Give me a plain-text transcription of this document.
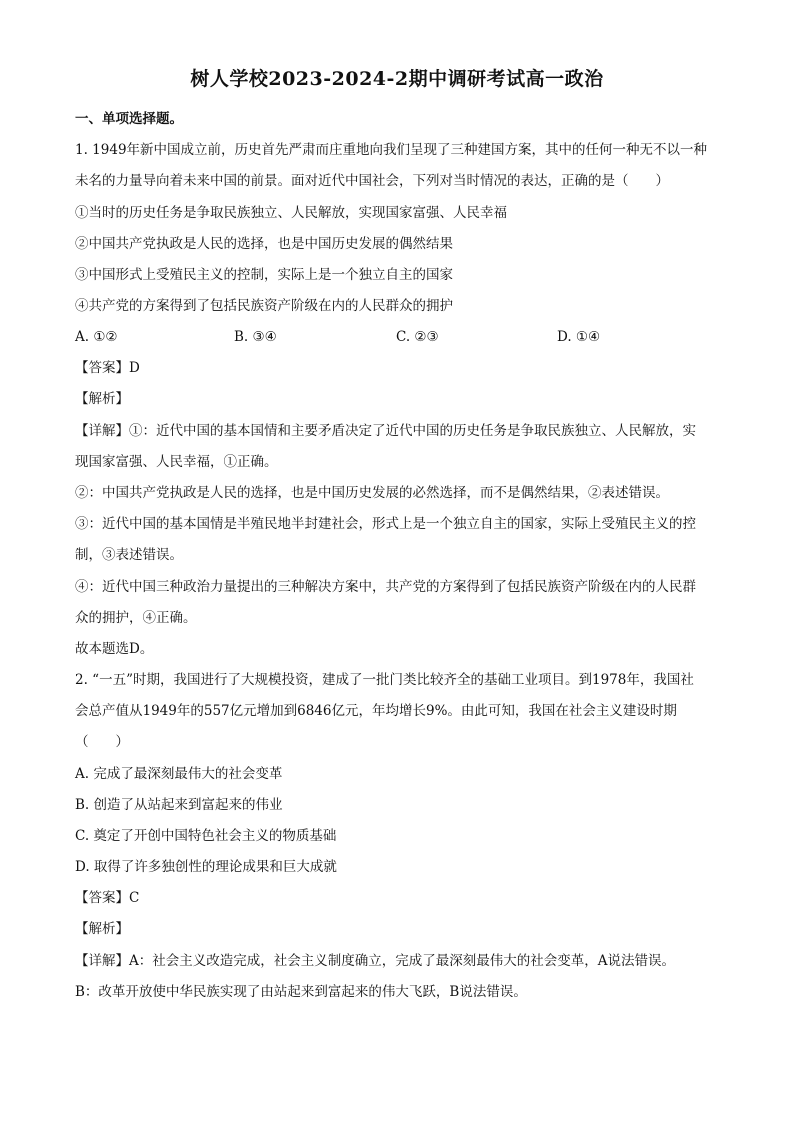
树人学校2023-2024-2期中调研考试高一政治
一、单项选择题。
1. 1949年新中国成立前，历史首先严肃而庄重地向我们呈现了三种建国方案，其中的任何一种无不以一种
未名的力量导向着未来中国的前景。面对近代中国社会，下列对当时情况的表达，正确的是（　　）
①当时的历史任务是争取民族独立、人民解放，实现国家富强、人民幸福
②中国共产党执政是人民的选择，也是中国历史发展的偶然结果
③中国形式上受殖民主义的控制，实际上是一个独立自主的国家
④共产党的方案得到了包括民族资产阶级在内的人民群众的拥护
A. ①②	B. ③④	C. ②③	D. ①④
【答案】D
【解析】
【详解】①：近代中国的基本国情和主要矛盾决定了近代中国的历史任务是争取民族独立、人民解放，实
现国家富强、人民幸福，①正确。
②：中国共产党执政是人民的选择，也是中国历史发展的必然选择，而不是偶然结果，②表述错误。
③：近代中国的基本国情是半殖民地半封建社会，形式上是一个独立自主的国家，实际上受殖民主义的控
制，③表述错误。
④：近代中国三种政治力量提出的三种解决方案中，共产党的方案得到了包括民族资产阶级在内的人民群
众的拥护，④正确。
故本题选D。
2. “一五”时期，我国进行了大规模投资，建成了一批门类比较齐全的基础工业项目。到1978年，我国社
会总产值从1949年的557亿元增加到6846亿元，年均增长9%。由此可知，我国在社会主义建设时期
（　　）
A. 完成了最深刻最伟大的社会变革
B. 创造了从站起来到富起来的伟业
C. 奠定了开创中国特色社会主义的物质基础
D. 取得了许多独创性的理论成果和巨大成就
【答案】C
【解析】
【详解】A：社会主义改造完成，社会主义制度确立，完成了最深刻最伟大的社会变革，A说法错误。
B：改革开放使中华民族实现了由站起来到富起来的伟大飞跃，B说法错误。
